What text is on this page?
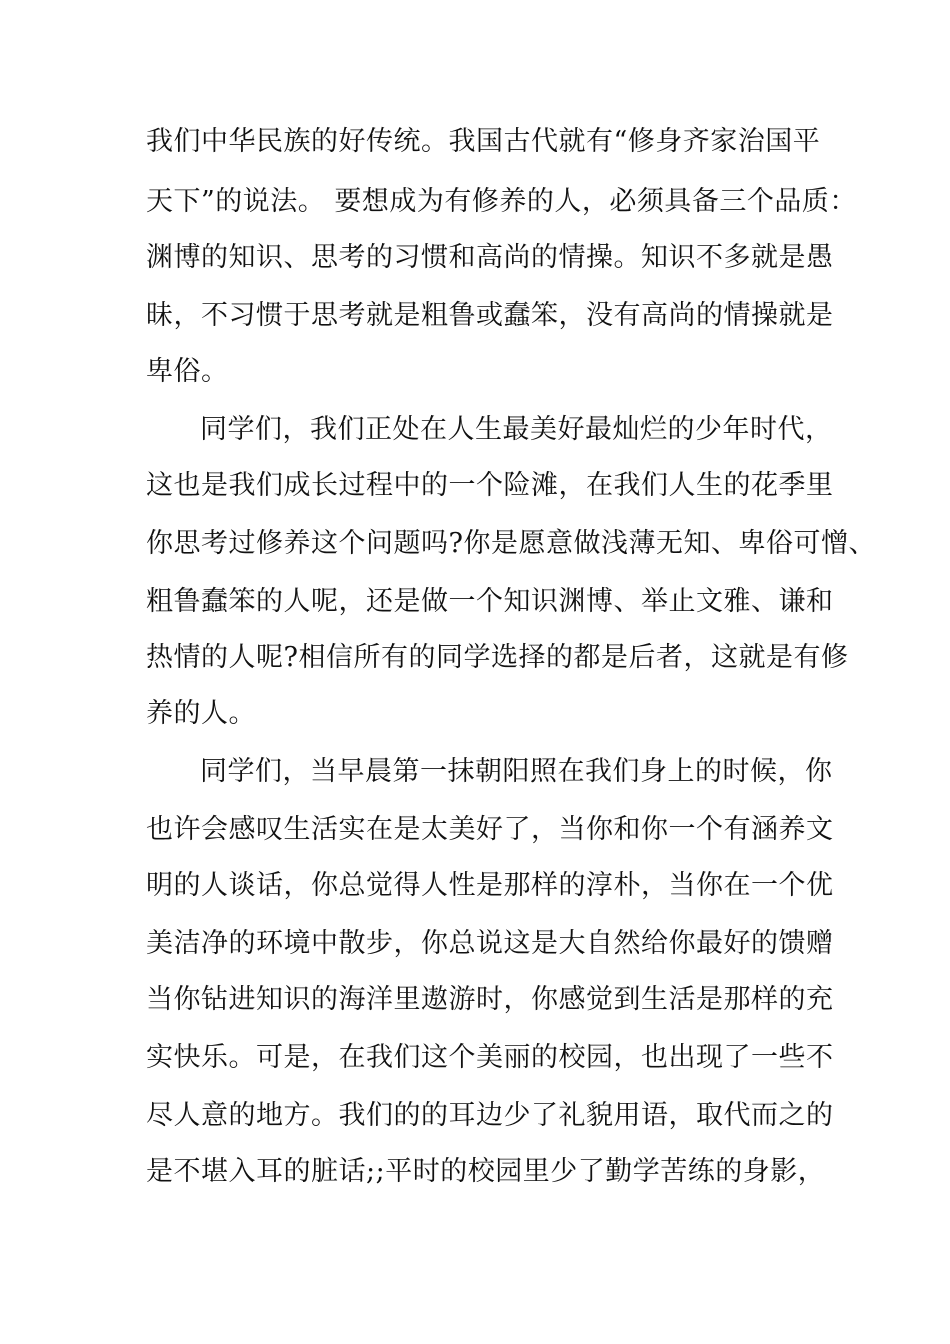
我们中华民族的好传统。我国古代就有“修身齐家治国平

天下”的说法。 要想成为有修养的人，必须具备三个品质：

渊博的知识、思考的习惯和高尚的情操。知识不多就是愚

昧，不习惯于思考就是粗鲁或蠢笨，没有高尚的情操就是

卑俗。

同学们，我们正处在人生最美好最灿烂的少年时代，

这也是我们成长过程中的一个险滩，在我们人生的花季里

你思考过修养这个问题吗?你是愿意做浅薄无知、卑俗可憎、

粗鲁蠢笨的人呢，还是做一个知识渊博、举止文雅、谦和

热情的人呢?相信所有的同学选择的都是后者，这就是有修

养的人。

同学们，当早晨第一抹朝阳照在我们身上的时候，你

也许会感叹生活实在是太美好了，当你和你一个有涵养文

明的人谈话，你总觉得人性是那样的淳朴，当你在一个优

美洁净的环境中散步，你总说这是大自然给你最好的馈赠

当你钻进知识的海洋里遨游时，你感觉到生活是那样的充

实快乐。可是，在我们这个美丽的校园，也出现了一些不

尽人意的地方。我们的的耳边少了礼貌用语，取代而之的

是不堪入耳的脏话;;平时的校园里少了勤学苦练的身影，
